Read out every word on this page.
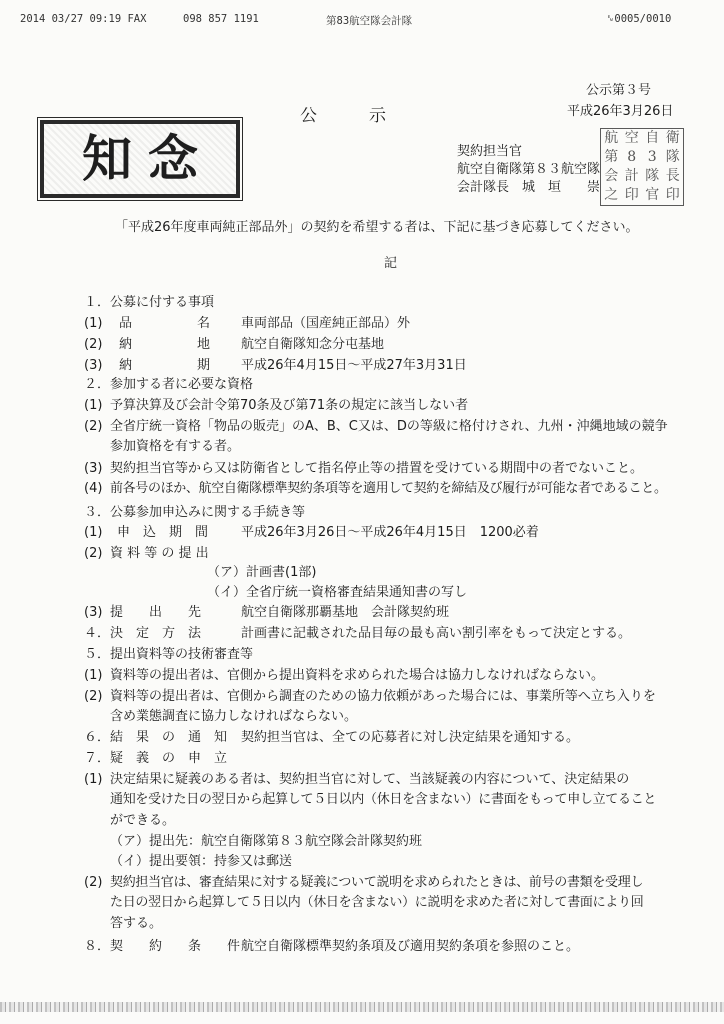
2014 03/27 09:19 FAX	098 857 1191	第83航空隊会計隊	␙0005/0010
公示第３号
公　　示	平成26年3月26日
知 念	契約担当官
航空自衛隊第８３航空隊
会計隊長　城　垣　　崇
航 空 自 衛
第 8 3 隊
会 計 隊 長
之 印 官 印
「平成26年度車両純正部品外」の契約を希望する者は、下記に基づき応募してください。
記
１．公募に付する事項
(1) 品　　　　　名 車両部品（国産純正部品）外
(2) 納　　　　　地 航空自衛隊知念分屯基地
(3) 納　　　　　期 平成26年4月15日～平成27年3月31日
２．参加する者に必要な資格
(1) 予算決算及び会計令第70条及び第71条の規定に該当しない者
(2) 全省庁統一資格「物品の販売」のA、B、C又は、Dの等級に格付けされ、九州・沖縄地域の競争
参加資格を有する者。
(3) 契約担当官等から又は防衛省として指名停止等の措置を受けている期間中の者でないこと。
(4) 前各号のほか、航空自衛隊標準契約条項等を適用して契約を締結及び履行が可能な者であること。
３．公募参加申込みに関する手続き等
(1) 申　込　期　間	平成26年3月26日～平成26年4月15日　1200必着
(2) 資 料 等 の 提 出
（ア）計画書(1部)
（イ）全省庁統一資格審査結果通知書の写し
(3) 提　　出　　先	航空自衛隊那覇基地　会計隊契約班
４．決　定　方　法	計画書に記載された品目毎の最も高い割引率をもって決定とする。
５．提出資料等の技術審査等
(1) 資料等の提出者は、官側から提出資料を求められた場合は協力しなければならない。
(2) 資料等の提出者は、官側から調査のための協力依頼があった場合には、事業所等へ立ち入りを
含め業態調査に協力しなければならない。
６．結　果　の　通　知 契約担当官は、全ての応募者に対し決定結果を通知する。
７．疑　義　の　申　立
(1) 決定結果に疑義のある者は、契約担当官に対して、当該疑義の内容について、決定結果の
通知を受けた日の翌日から起算して５日以内（休日を含まない）に書面をもって申し立てること
ができる。
（ア）提出先：航空自衛隊第８３航空隊会計隊契約班
（イ）提出要領：持参又は郵送
(2) 契約担当官は、審査結果に対する疑義について説明を求められたときは、前号の書類を受理し
た日の翌日から起算して５日以内（休日を含まない）に説明を求めた者に対して書面により回
答する。
８．契　　約　　条　　件 航空自衛隊標準契約条項及び適用契約条項を参照のこと。
